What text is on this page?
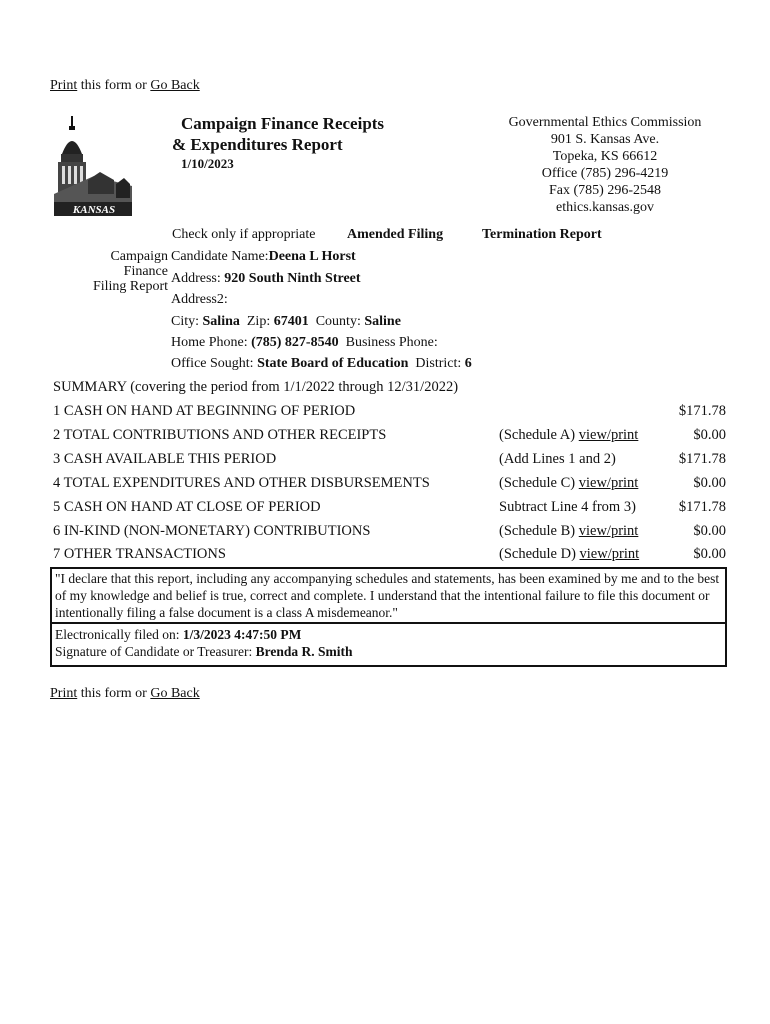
Print this form or Go Back
KANSAS
Campaign Finance Receipts
& Expenditures Report
1/10/2023
Governmental Ethics Commission
901 S. Kansas Ave.
Topeka, KS 66612
Office (785) 296-4219
Fax (785) 296-2548
ethics.kansas.gov
Check only if appropriate Amended Filing	Termination Report
Campaign
Finance
Filing Report
Candidate Name:Deena L Horst
Address: 920 South Ninth Street
Address2:
City: Salina Zip: 67401 County: Saline
Home Phone: (785) 827-8540 Business Phone:
Office Sought: State Board of Education District: 6
SUMMARY (covering the period from 1/1/2022 through 12/31/2022)
1 CASH ON HAND AT BEGINNING OF PERIOD	$171.78
2 TOTAL CONTRIBUTIONS AND OTHER RECEIPTS	(Schedule A) view/print	$0.00
3 CASH AVAILABLE THIS PERIOD	(Add Lines 1 and 2)	$171.78
4 TOTAL EXPENDITURES AND OTHER DISBURSEMENTS	(Schedule C) view/print	$0.00
5 CASH ON HAND AT CLOSE OF PERIOD	Subtract Line 4 from 3)	$171.78
6 IN-KIND (NON-MONETARY) CONTRIBUTIONS	(Schedule B) view/print	$0.00
7 OTHER TRANSACTIONS	(Schedule D) view/print	$0.00
"I declare that this report, including any accompanying schedules and statements, has been examined by me and to the best of my knowledge and belief is true, correct and complete. I understand that the intentional failure to file this document or intentionally filing a false document is a class A misdemeanor."
Electronically filed on: 1/3/2023 4:47:50 PM
Signature of Candidate or Treasurer: Brenda R. Smith
Print this form or Go Back
